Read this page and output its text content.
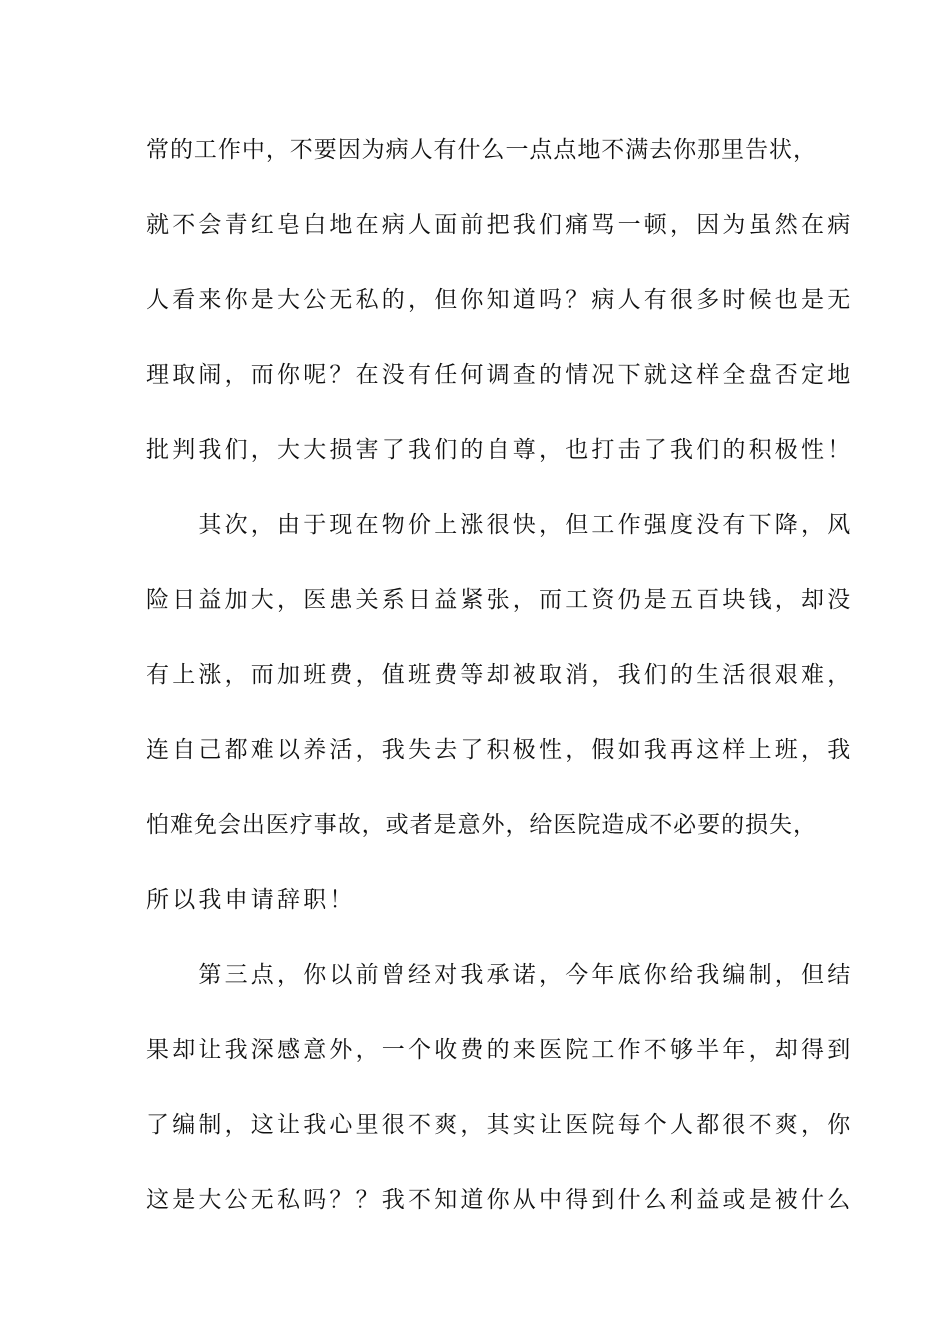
常的工作中，不要因为病人有什么一点点地不满去你那里告状，
就不会青红皂白地在病人面前把我们痛骂一顿，因为虽然在病
人看来你是大公无私的，但你知道吗？病人有很多时候也是无
理取闹，而你呢？在没有任何调查的情况下就这样全盘否定地
批判我们，大大损害了我们的自尊，也打击了我们的积极性！
　　其次，由于现在物价上涨很快，但工作强度没有下降，风
险日益加大，医患关系日益紧张，而工资仍是五百块钱，却没
有上涨，而加班费，值班费等却被取消，我们的生活很艰难，
连自己都难以养活，我失去了积极性，假如我再这样上班，我
怕难免会出医疗事故，或者是意外，给医院造成不必要的损失，
所以我申请辞职！
　　第三点，你以前曾经对我承诺，今年底你给我编制，但结
果却让我深感意外，一个收费的来医院工作不够半年，却得到
了编制，这让我心里很不爽，其实让医院每个人都很不爽，你
这是大公无私吗？？我不知道你从中得到什么利益或是被什么
